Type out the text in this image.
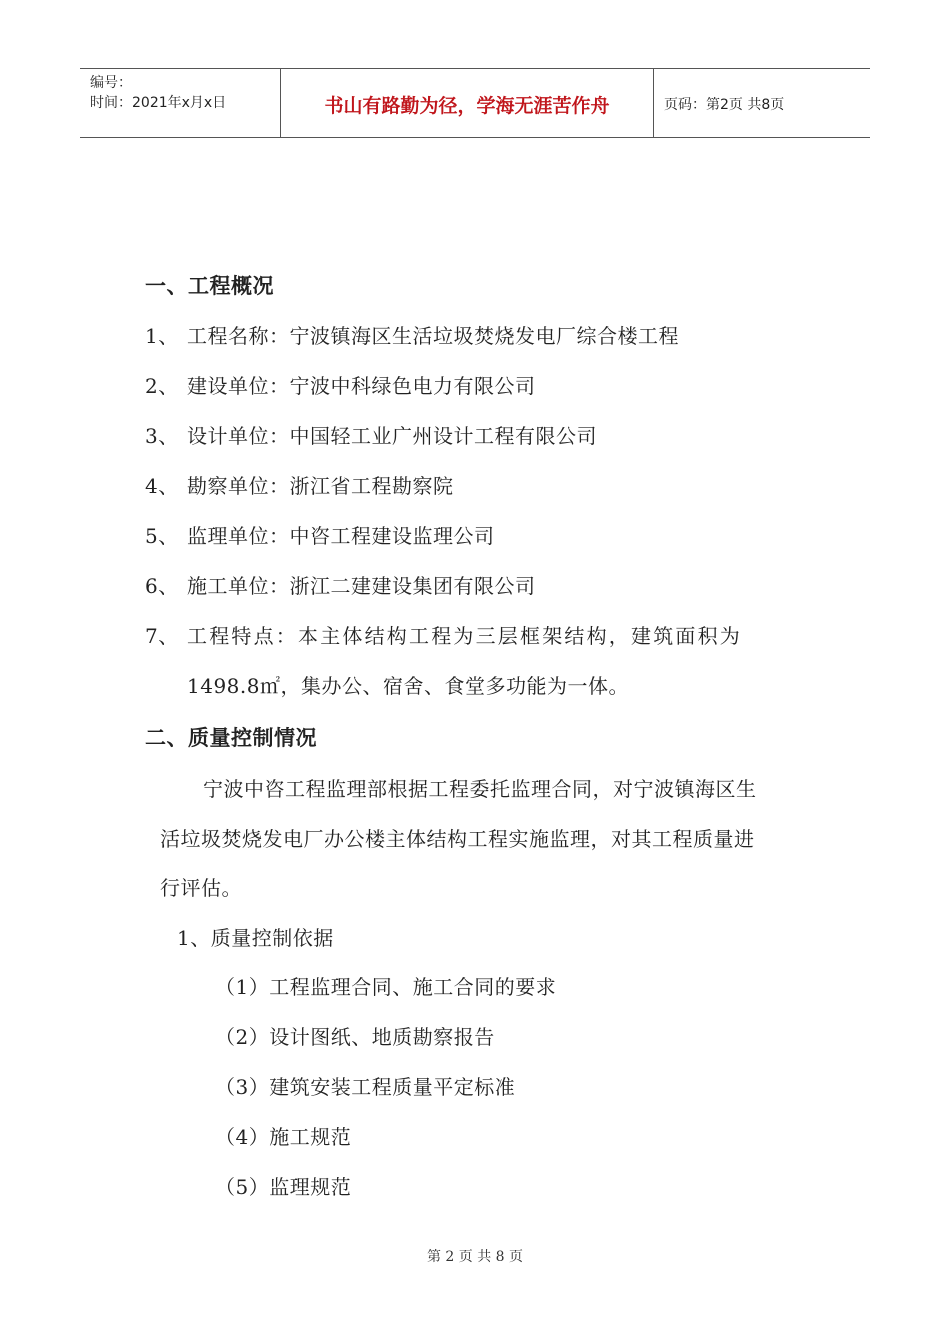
编号：
时间：2021年x月x日	书山有路勤为径，学海无涯苦作舟	页码：第2页 共8页
一、工程概况
1、 工程名称：宁波镇海区生活垃圾焚烧发电厂综合楼工程
2、 建设单位：宁波中科绿色电力有限公司
3、 设计单位：中国轻工业广州设计工程有限公司
4、 勘察单位：浙江省工程勘察院
5、 监理单位：中咨工程建设监理公司
6、 施工单位：浙江二建建设集团有限公司
7、 工程特点：本主体结构工程为三层框架结构，建筑面积为
1498.8㎡，集办公、宿舍、食堂多功能为一体。
二、质量控制情况
宁波中咨工程监理部根据工程委托监理合同，对宁波镇海区生
活垃圾焚烧发电厂办公楼主体结构工程实施监理，对其工程质量进
行评估。
1、质量控制依据
（1）工程监理合同、施工合同的要求
（2）设计图纸、地质勘察报告
（3）建筑安装工程质量平定标准
（4）施工规范
（5）监理规范
第 2 页 共 8 页
